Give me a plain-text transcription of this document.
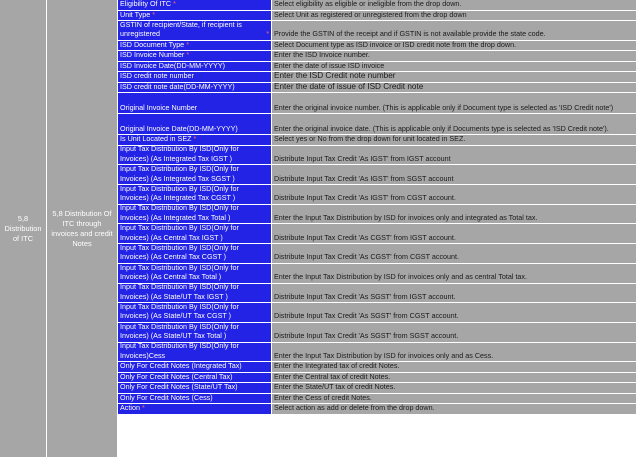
5,8 Distribution of ITC
5,8 Distribution Of ITC through invoices and credit Notes
Eligibility Of ITC *	Select eligibility as eligible or ineligible from the drop down.
Unit Type *	Select Unit as registered or unregistered from the drop down
GSTIN of recipient/State, if recipient is unregistered	* Provide the GSTIN of the receipt and if GSTIN is not available provide the state code.
ISD Document Type *	Select Document type as ISD invoice or ISD credit note from the drop down.
ISD Invoice Number *	Enter the ISD Invoice number.
ISD Invoice Date(DD-MM-YYYY)	Enter the date of issue ISD invoice
ISD credit note number	Enter the ISD Credit note number
ISD credit note date(DD-MM-YYYY)	Enter the date of issue of ISD Credit note
Original Invoice Number	Enter the original invoice number. (This is applicable only if Document type is selected as 'ISD Credit note')
Original Invoice Date(DD-MM-YYYY)	Enter the original invoice date. (This is applicable only if Documents type is selected as 'ISD Credit note').
Is Unit Located in SEZ *	Select yes or No from the drop down for unit located in SEZ.
Input Tax Distribution By ISD(Only for Invoices) (As Integrated Tax IGST )	Distribute Input Tax Credit 'As IGST' from IGST account
Input Tax Distribution By ISD(Only for Invoices) (As Integrated Tax SGST )	Distribute Input Tax Credit 'As IGST' from SGST account
Input Tax Distribution By ISD(Only for Invoices) (As Integrated Tax CGST )	Distribute Input Tax Credit 'As IGST' from CGST account.
Input Tax Distribution By ISD(Only for Invoices) (As Integrated Tax Total )	Enter the Input Tax Distribution by ISD for invoices only and integrated as Total tax.
Input Tax Distribution By ISD(Only for Invoices) (As Central Tax IGST )	Distribute Input Tax Credit 'As CGST' from IGST account.
Input Tax Distribution By ISD(Only for Invoices) (As Central Tax CGST )	Distribute Input Tax Credit 'As CGST' from CGST account.
Input Tax Distribution By ISD(Only for Invoices) (As Central Tax Total )	Enter the Input Tax Distribution by ISD for invoices only and as central Total tax.
Input Tax Distribution By ISD(Only for Invoices) (As State/UT Tax IGST )	Distribute Input Tax Credit 'As SGST' from IGST account.
Input Tax Distribution By ISD(Only for Invoices) (As State/UT Tax CGST )	Distribute Input Tax Credit 'As SGST' from CGST account.
Input Tax Distribution By ISD(Only for Invoices) (As State/UT Tax Total )	Distribute Input Tax Credit 'As SGST' from SGST account.
Input Tax Distribution By ISD(Only for Invoices)Cess	Enter the Input Tax Distribution by ISD for invoices only and as Cess.
Only For Credit Notes (Integrated Tax)	Enter the Integrated tax of credit Notes.
Only For Credit Notes (Central Tax)	Enter the Central tax of credit Notes.
Only For Credit Notes (State/UT Tax)	Enter the State/UT tax of credit Notes.
Only For Credit Notes (Cess)	Enter the Cess of credit Notes.
Action *	Select action as add or delete from the drop down.
